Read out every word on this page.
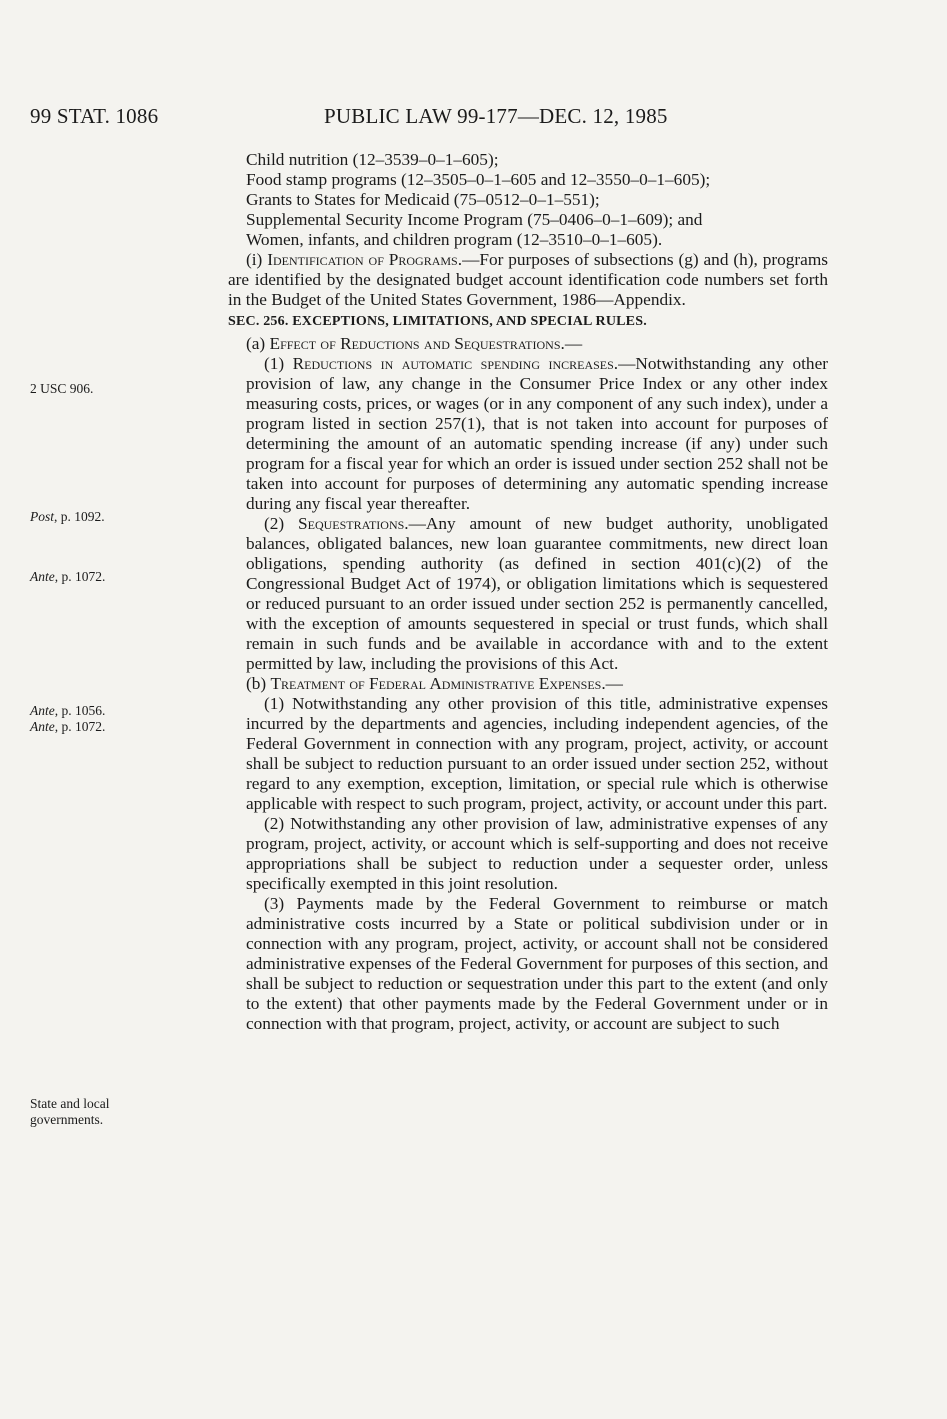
99 STAT. 1086	PUBLIC LAW 99-177—DEC. 12, 1985
2 USC 906.
Post, p. 1092.
Ante, p. 1072.
Ante, p. 1056.
Ante, p. 1072.
State and local
governments.

Child nutrition (12–3539–0–1–605);

Food stamp programs (12–3505–0–1–605 and 12–3550–0–1–605);

Grants to States for Medicaid (75–0512–0–1–551);

Supplemental Security Income Program (75–0406–0–1–609); and

Women, infants, and children program (12–3510–0–1–605).

(i) Identification of Programs.—For purposes of subsections (g) and (h), programs are identified by the designated budget account identification code numbers set forth in the Budget of the United States Government, 1986—Appendix.

SEC. 256. EXCEPTIONS, LIMITATIONS, AND SPECIAL RULES.

(a) Effect of Reductions and Sequestrations.—

(1) Reductions in automatic spending increases.—Notwithstanding any other provision of law, any change in the Consumer Price Index or any other index measuring costs, prices, or wages (or in any component of any such index), under a program listed in section 257(1), that is not taken into account for purposes of determining the amount of an automatic spending increase (if any) under such program for a fiscal year for which an order is issued under section 252 shall not be taken into account for purposes of determining any automatic spending increase during any fiscal year thereafter.

(2) Sequestrations.—Any amount of new budget authority, unobligated balances, obligated balances, new loan guarantee commitments, new direct loan obligations, spending authority (as defined in section 401(c)(2) of the Congressional Budget Act of 1974), or obligation limitations which is sequestered or reduced pursuant to an order issued under section 252 is permanently cancelled, with the exception of amounts sequestered in special or trust funds, which shall remain in such funds and be available in accordance with and to the extent permitted by law, including the provisions of this Act.

(b) Treatment of Federal Administrative Expenses.—

(1) Notwithstanding any other provision of this title, administrative expenses incurred by the departments and agencies, including independent agencies, of the Federal Government in connection with any program, project, activity, or account shall be subject to reduction pursuant to an order issued under section 252, without regard to any exemption, exception, limitation, or special rule which is otherwise applicable with respect to such program, project, activity, or account under this part.

(2) Notwithstanding any other provision of law, administrative expenses of any program, project, activity, or account which is self-supporting and does not receive appropriations shall be subject to reduction under a sequester order, unless specifically exempted in this joint resolution.

(3) Payments made by the Federal Government to reimburse or match administrative costs incurred by a State or political subdivision under or in connection with any program, project, activity, or account shall not be considered administrative expenses of the Federal Government for purposes of this section, and shall be subject to reduction or sequestration under this part to the extent (and only to the extent) that other payments made by the Federal Government under or in connection with that program, project, activity, or account are subject to such
